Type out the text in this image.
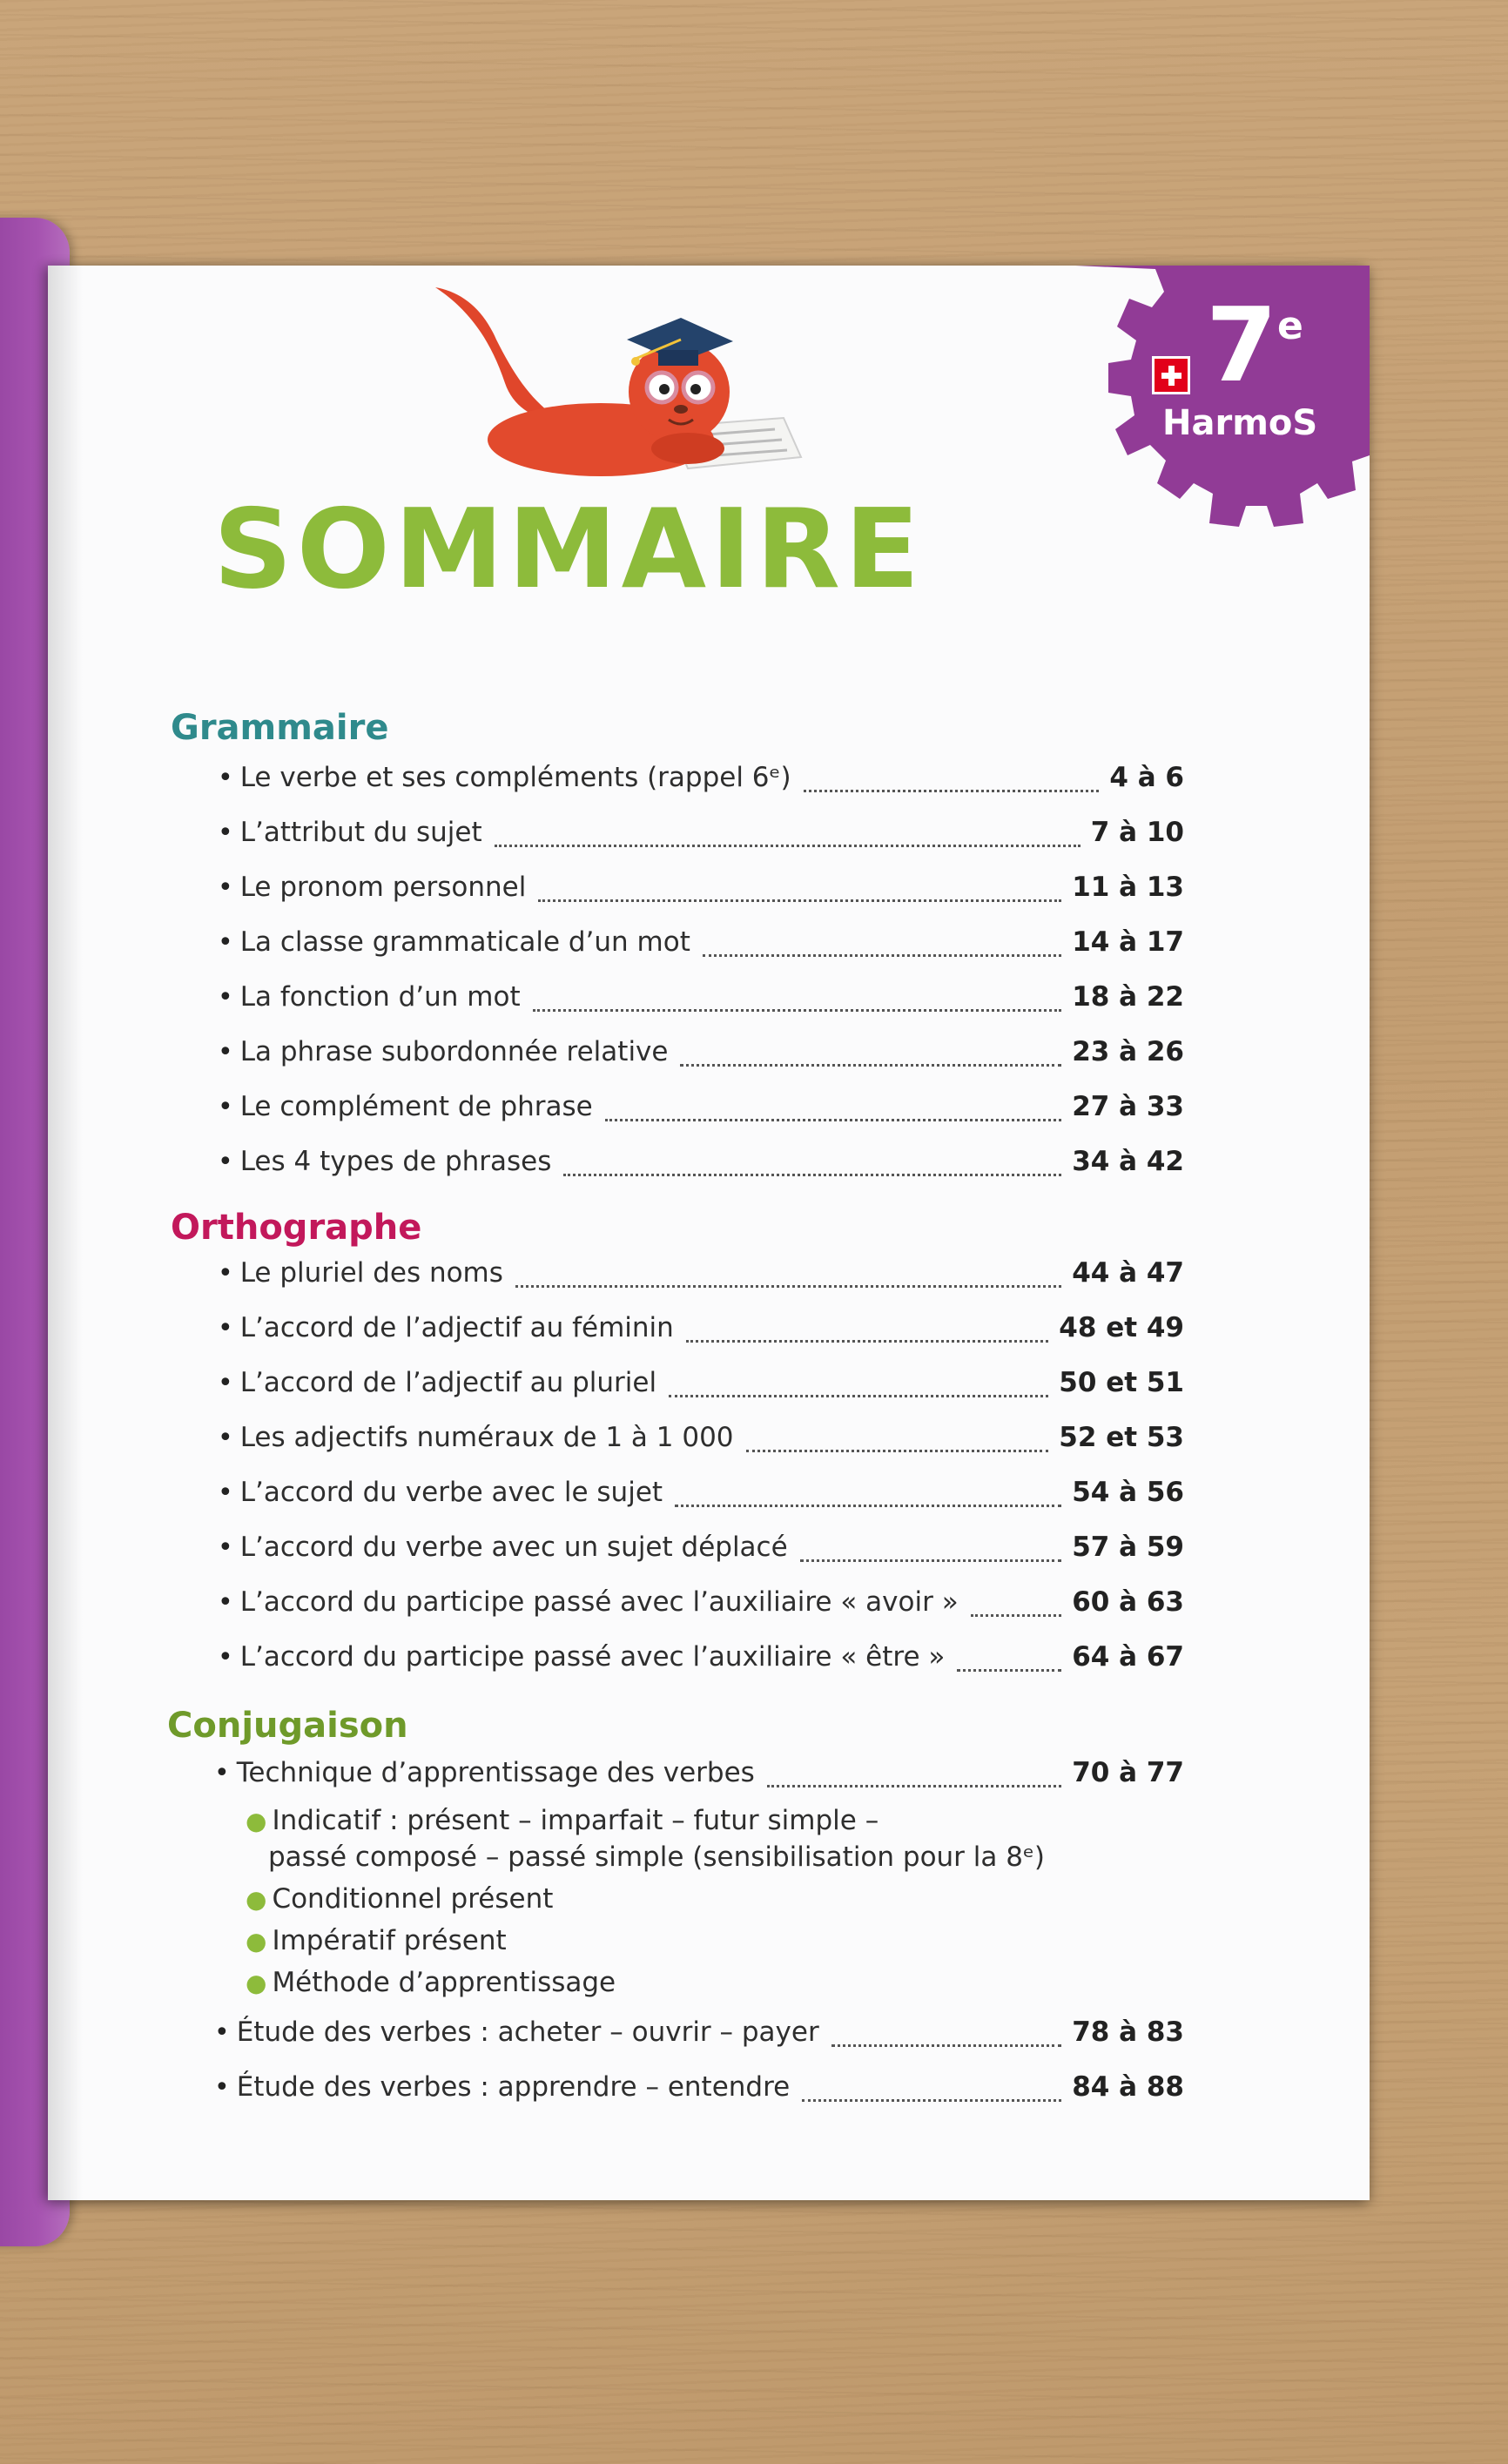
7 e
HarmoS
SOMMAIRE
Grammaire
• Le verbe et ses compléments (rappel 6ᵉ)	4 à 6
• L’attribut du sujet	7 à 10
• Le pronom personnel	11 à 13
• La classe grammaticale d’un mot	14 à 17
• La fonction d’un mot	18 à 22
• La phrase subordonnée relative	23 à 26
• Le complément de phrase	27 à 33
• Les 4 types de phrases	34 à 42
Orthographe
• Le pluriel des noms	44 à 47
• L’accord de l’adjectif au féminin	48 et 49
• L’accord de l’adjectif au pluriel	50 et 51
• Les adjectifs numéraux de 1 à 1 000	52 et 53
• L’accord du verbe avec le sujet	54 à 56
• L’accord du verbe avec un sujet déplacé	57 à 59
• L’accord du participe passé avec l’auxiliaire « avoir »	60 à 63
• L’accord du participe passé avec l’auxiliaire « être »	64 à 67
Conjugaison
• Technique d’apprentissage des verbes	70 à 77
● Indicatif : présent – imparfait – futur simple –
passé composé – passé simple (sensibilisation pour la 8ᵉ)
● Conditionnel présent
● Impératif présent
● Méthode d’apprentissage
• Étude des verbes : acheter – ouvrir – payer	78 à 83
• Étude des verbes : apprendre – entendre	84 à 88
